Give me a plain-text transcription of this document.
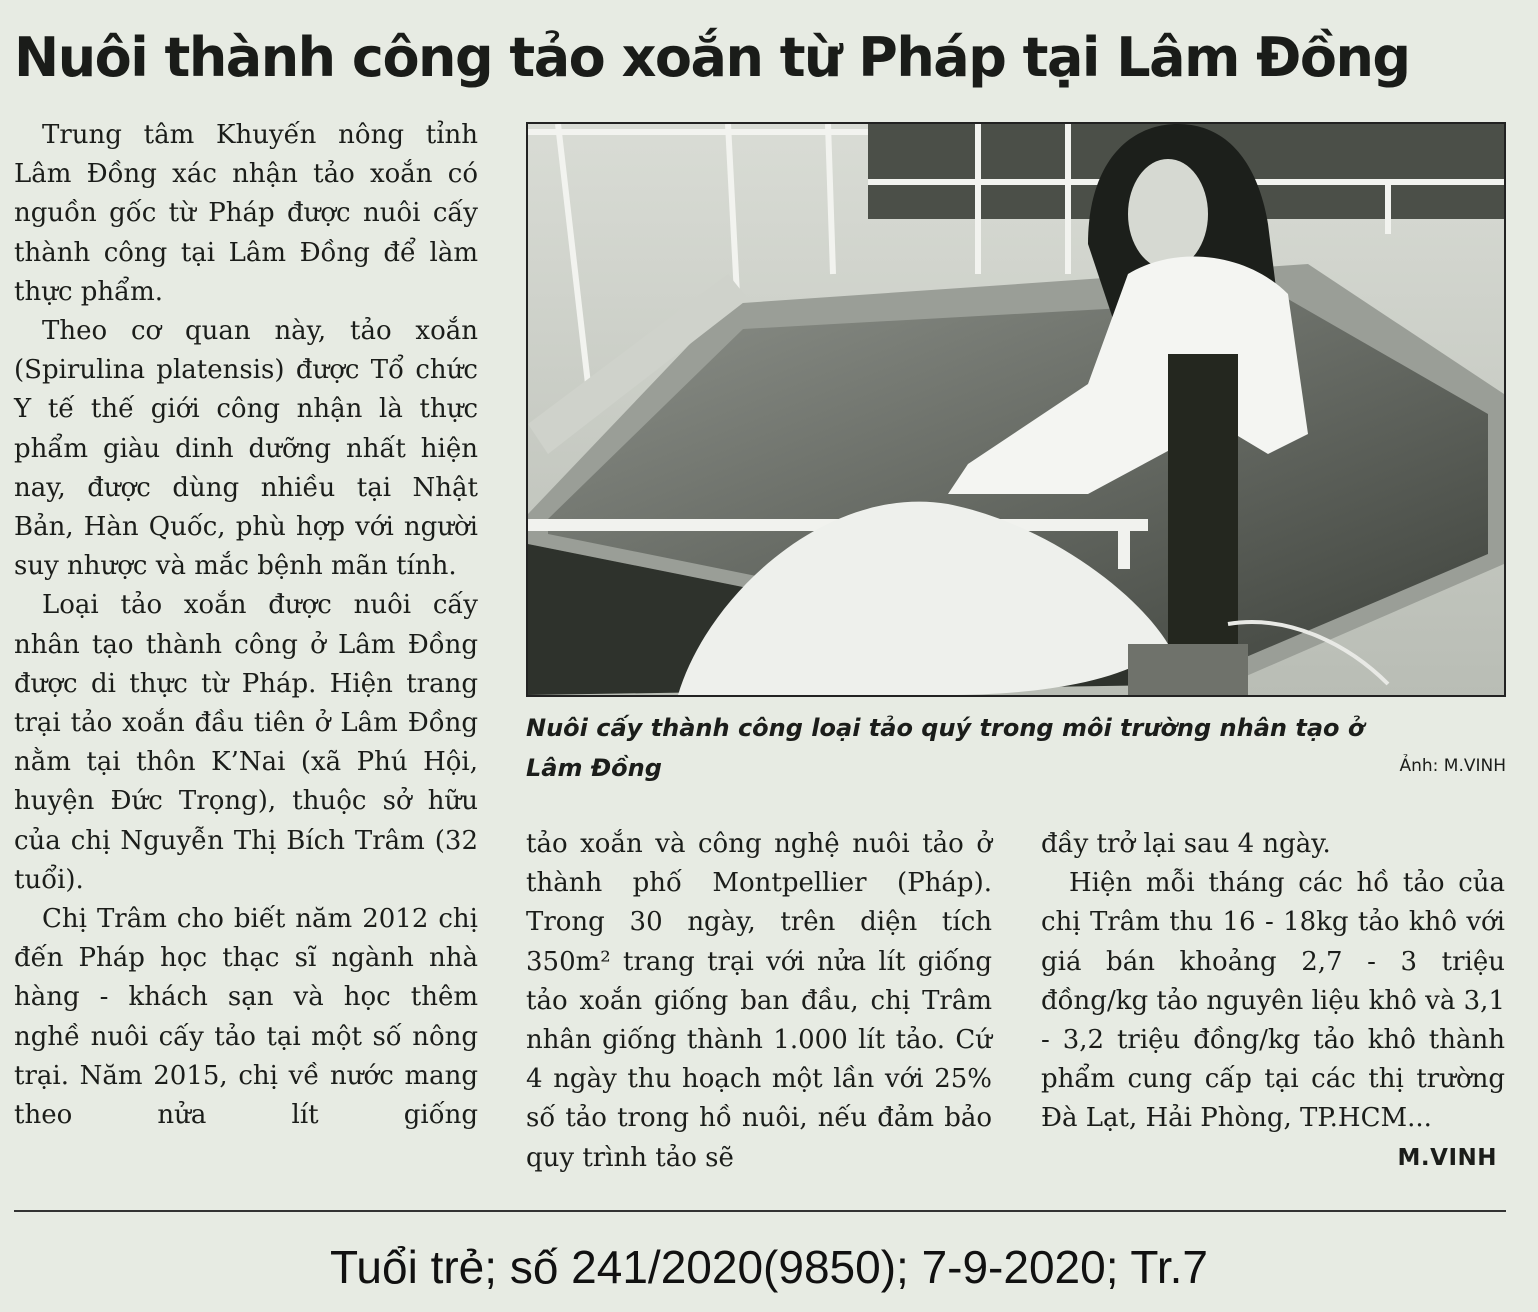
Nuôi thành công tảo xoắn từ Pháp tại Lâm Đồng

Trung tâm Khuyến nông tỉnh Lâm Đồng xác nhận tảo xoắn có nguồn gốc từ Pháp được nuôi cấy thành công tại Lâm Đồng để làm thực phẩm.

Theo cơ quan này, tảo xoắn (Spirulina platensis) được Tổ chức Y tế thế giới công nhận là thực phẩm giàu dinh dưỡng nhất hiện nay, được dùng nhiều tại Nhật Bản, Hàn Quốc, phù hợp với người suy nhược và mắc bệnh mãn tính.

Loại tảo xoắn được nuôi cấy nhân tạo thành công ở Lâm Đồng được di thực từ Pháp. Hiện trang trại tảo xoắn đầu tiên ở Lâm Đồng nằm tại thôn K’Nai (xã Phú Hội, huyện Đức Trọng), thuộc sở hữu của chị Nguyễn Thị Bích Trâm (32 tuổi).

Chị Trâm cho biết năm 2012 chị đến Pháp học thạc sĩ ngành nhà hàng - khách sạn và học thêm nghề nuôi cấy tảo tại một số nông trại. Năm 2015, chị về nước mang theo nửa lít giống

Nuôi cấy thành công loại tảo quý trong môi trường nhân tạo ở Lâm Đồng	Ảnh: M.VINH

tảo xoắn và công nghệ nuôi tảo ở thành phố Montpellier (Pháp). Trong 30 ngày, trên diện tích 350m² trang trại với nửa lít giống tảo xoắn giống ban đầu, chị Trâm nhân giống thành 1.000 lít tảo. Cứ 4 ngày thu hoạch một lần với 25% số tảo trong hồ nuôi, nếu đảm bảo quy trình tảo sẽ

đầy trở lại sau 4 ngày.

Hiện mỗi tháng các hồ tảo của chị Trâm thu 16 - 18kg tảo khô với giá bán khoảng 2,7 - 3 triệu đồng/kg tảo nguyên liệu khô và 3,1 - 3,2 triệu đồng/kg tảo khô thành phẩm cung cấp tại các thị trường Đà Lạt, Hải Phòng, TP.HCM...
M.VINH

Tuổi trẻ; số 241/2020(9850); 7-9-2020; Tr.7
